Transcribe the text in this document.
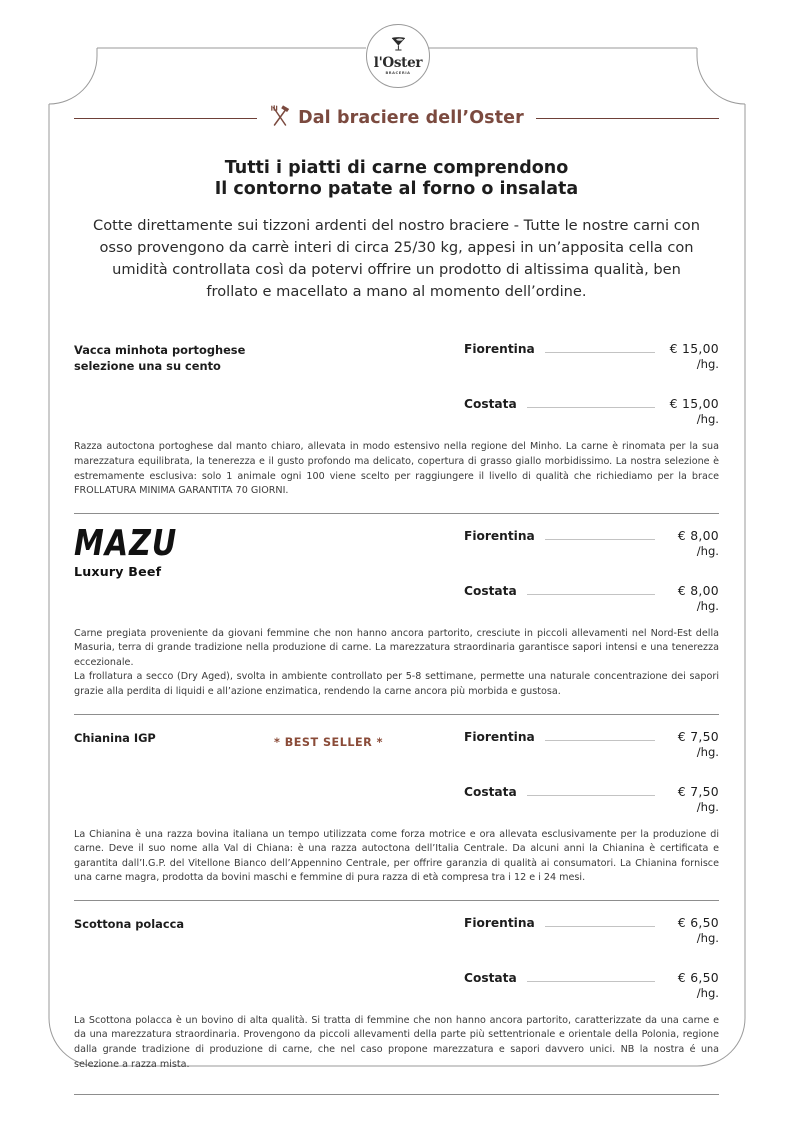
l'Oster
BRACERIA
Dal braciere dell’Oster
Tutti i piatti di carne comprendono
Il contorno patate al forno o insalata

Cotte direttamente sui tizzoni ardenti del nostro braciere - Tutte le nostre carni con osso provengono da carrè interi di circa 25/30 kg, appesi in un’apposita cella con umidità controllata così da potervi offrire un prodotto di altissima qualità, ben frollato e macellato a mano al momento dell’ordine.

Vacca minhota portoghese
selezione una su cento
Fiorentina	€ 15,00
/hg.
Costata	€ 15,00
/hg.

Razza autoctona portoghese dal manto chiaro, allevata in modo estensivo nella regione del Minho. La carne è rinomata per la sua marezzatura equilibrata, la tenerezza e il gusto profondo ma delicato, copertura di grasso giallo morbidissimo. La nostra selezione è estremamente esclusiva: solo 1 animale ogni 100 viene scelto per raggiungere il livello di qualità che richiediamo per la brace FROLLATURA MINIMA GARANTITA 70 GIORNI.

MAZU
Luxury Beef
Fiorentina	€ 8,00
/hg.
Costata	€ 8,00
/hg.

Carne pregiata proveniente da giovani femmine che non hanno ancora partorito, cresciute in piccoli allevamenti nel Nord-Est della Masuria, terra di grande tradizione nella produzione di carne. La marezzatura straordinaria garantisce sapori intensi e una tenerezza eccezionale.

La frollatura a secco (Dry Aged), svolta in ambiente controllato per 5-8 settimane, permette una naturale concentrazione dei sapori grazie alla perdita di liquidi e all’azione enzimatica, rendendo la carne ancora più morbida e gustosa.

Chianina IGP	* BEST SELLER *	Fiorentina	€ 7,50
/hg.
Costata	€ 7,50
/hg.

La Chianina è una razza bovina italiana un tempo utilizzata come forza motrice e ora allevata esclusivamente per la produzione di carne. Deve il suo nome alla Val di Chiana: è una razza autoctona dell’Italia Centrale. Da alcuni anni la Chianina è certificata e garantita dall’I.G.P. del Vitellone Bianco dell’Appennino Centrale, per offrire garanzia di qualità ai consumatori. La Chianina fornisce una carne magra, prodotta da bovini maschi e femmine di pura razza di età compresa tra i 12 e i 24 mesi.

Scottona polacca	Fiorentina	€ 6,50
/hg.
Costata	€ 6,50
/hg.

La Scottona polacca è un bovino di alta qualità. Si tratta di femmine che non hanno ancora partorito, caratterizzate da una carne e da una marezzatura straordinaria. Provengono da piccoli allevamenti della parte più settentrionale e orientale della Polonia, regione dalla grande tradizione di produzione di carne, che nel caso propone marezzatura e sapori davvero unici. NB la nostra é una selezione a razza mista.
